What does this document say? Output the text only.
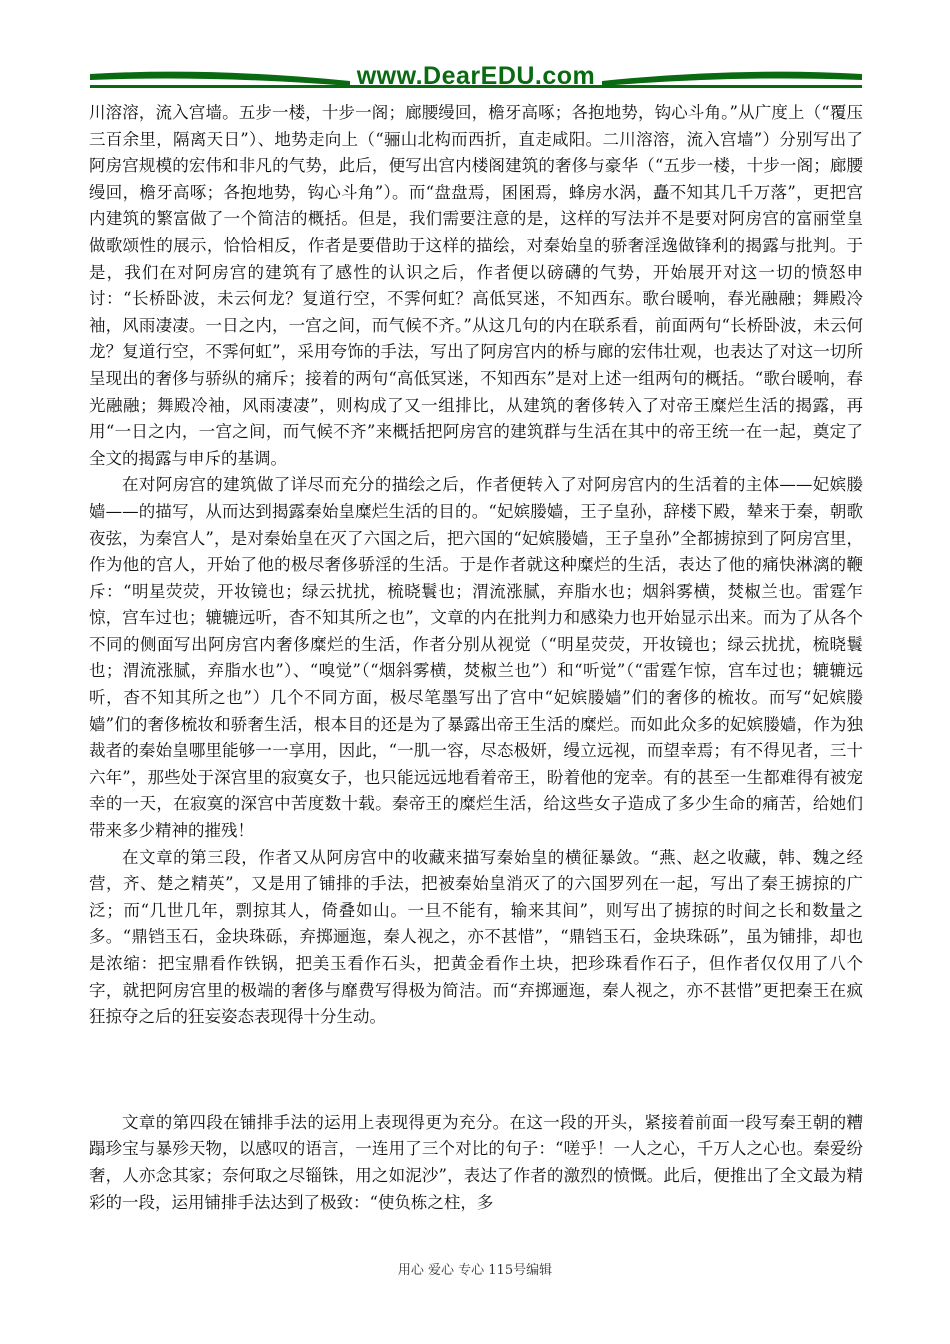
www.DearEDU.com

川溶溶，流入宫墙。五步一楼，十步一阁；廊腰缦回，檐牙高啄；各抱地势，钩心斗角。”从广度上（“覆压三百余里，隔离天日”）、地势走向上（“骊山北构而西折，直走咸阳。二川溶溶，流入宫墙”）分别写出了阿房宫规模的宏伟和非凡的气势，此后，便写出宫内楼阁建筑的奢侈与豪华（“五步一楼，十步一阁；廊腰缦回，檐牙高啄；各抱地势，钩心斗角”）。而“盘盘焉，囷囷焉，蜂房水涡，矗不知其几千万落”，更把宫内建筑的繁富做了一个简洁的概括。但是，我们需要注意的是，这样的写法并不是要对阿房宫的富丽堂皇做歌颂性的展示，恰恰相反，作者是要借助于这样的描绘，对秦始皇的骄奢淫逸做锋利的揭露与批判。于是，我们在对阿房宫的建筑有了感性的认识之后，作者便以磅礴的气势，开始展开对这一切的愤怒申讨：“长桥卧波，未云何龙？复道行空，不霁何虹？高低冥迷，不知西东。歌台暖响，春光融融；舞殿冷袖，风雨凄凄。一日之内，一宫之间，而气候不齐。”从这几句的内在联系看，前面两句“长桥卧波，未云何龙？复道行空，不霁何虹”，采用夸饰的手法，写出了阿房宫内的桥与廊的宏伟壮观，也表达了对这一切所呈现出的奢侈与骄纵的痛斥；接着的两句“高低冥迷，不知西东”是对上述一组两句的概括。“歌台暖响，春光融融；舞殿冷袖，风雨凄凄”，则构成了又一组排比，从建筑的奢侈转入了对帝王糜烂生活的揭露，再用“一日之内，一宫之间，而气候不齐”来概括把阿房宫的建筑群与生活在其中的帝王统一在一起，奠定了全文的揭露与申斥的基调。

在对阿房宫的建筑做了详尽而充分的描绘之后，作者便转入了对阿房宫内的生活着的主体——妃嫔媵嫱——的描写，从而达到揭露秦始皇糜烂生活的目的。“妃嫔媵嫱，王子皇孙，辞楼下殿，辇来于秦，朝歌夜弦，为秦宫人”，是对秦始皇在灭了六国之后，把六国的“妃嫔媵嫱，王子皇孙”全都掳掠到了阿房宫里，作为他的宫人，开始了他的极尽奢侈骄淫的生活。于是作者就这种糜烂的生活，表达了他的痛快淋漓的鞭斥：“明星荧荧，开妆镜也；绿云扰扰，梳晓鬟也；渭流涨腻，弃脂水也；烟斜雾横，焚椒兰也。雷霆乍惊，宫车过也；辘辘远听，杳不知其所之也”，文章的内在批判力和感染力也开始显示出来。而为了从各个不同的侧面写出阿房宫内奢侈糜烂的生活，作者分别从视觉（“明星荧荧，开妆镜也；绿云扰扰，梳晓鬟也；渭流涨腻，弃脂水也”）、“嗅觉”（“烟斜雾横，焚椒兰也”）和“听觉”（“雷霆乍惊，宫车过也；辘辘远听，杳不知其所之也”）几个不同方面，极尽笔墨写出了宫中“妃嫔媵嫱”们的奢侈的梳妆。而写“妃嫔媵嫱”们的奢侈梳妆和骄奢生活，根本目的还是为了暴露出帝王生活的糜烂。而如此众多的妃嫔媵嫱，作为独裁者的秦始皇哪里能够一一享用，因此，“一肌一容，尽态极妍，缦立远视，而望幸焉；有不得见者，三十六年”，那些处于深宫里的寂寞女子，也只能远远地看着帝王，盼着他的宠幸。有的甚至一生都难得有被宠幸的一天，在寂寞的深宫中苦度数十载。秦帝王的糜烂生活，给这些女子造成了多少生命的痛苦，给她们带来多少精神的摧残！

在文章的第三段，作者又从阿房宫中的收藏来描写秦始皇的横征暴敛。“燕、赵之收藏，韩、魏之经营，齐、楚之精英”，又是用了铺排的手法，把被秦始皇消灭了的六国罗列在一起，写出了秦王掳掠的广泛；而“几世几年，剽掠其人，倚叠如山。一旦不能有，输来其间”，则写出了掳掠的时间之长和数量之多。“鼎铛玉石，金块珠砾，弃掷逦迤，秦人视之，亦不甚惜”，“鼎铛玉石，金块珠砾”，虽为铺排，却也是浓缩：把宝鼎看作铁锅，把美玉看作石头，把黄金看作土块，把珍珠看作石子，但作者仅仅用了八个字，就把阿房宫里的极端的奢侈与靡费写得极为简洁。而“弃掷逦迤，秦人视之，亦不甚惜”更把秦王在疯狂掠夺之后的狂妄姿态表现得十分生动。

文章的第四段在铺排手法的运用上表现得更为充分。在这一段的开头，紧接着前面一段写秦王朝的糟蹋珍宝与暴殄天物，以感叹的语言，一连用了三个对比的句子：“嗟乎！一人之心，千万人之心也。秦爱纷奢，人亦念其家；奈何取之尽锱铢，用之如泥沙”，表达了作者的激烈的愤慨。此后，便推出了全文最为精彩的一段，运用铺排手法达到了极致：“使负栋之柱，多

用心 爱心 专心 115号编辑
